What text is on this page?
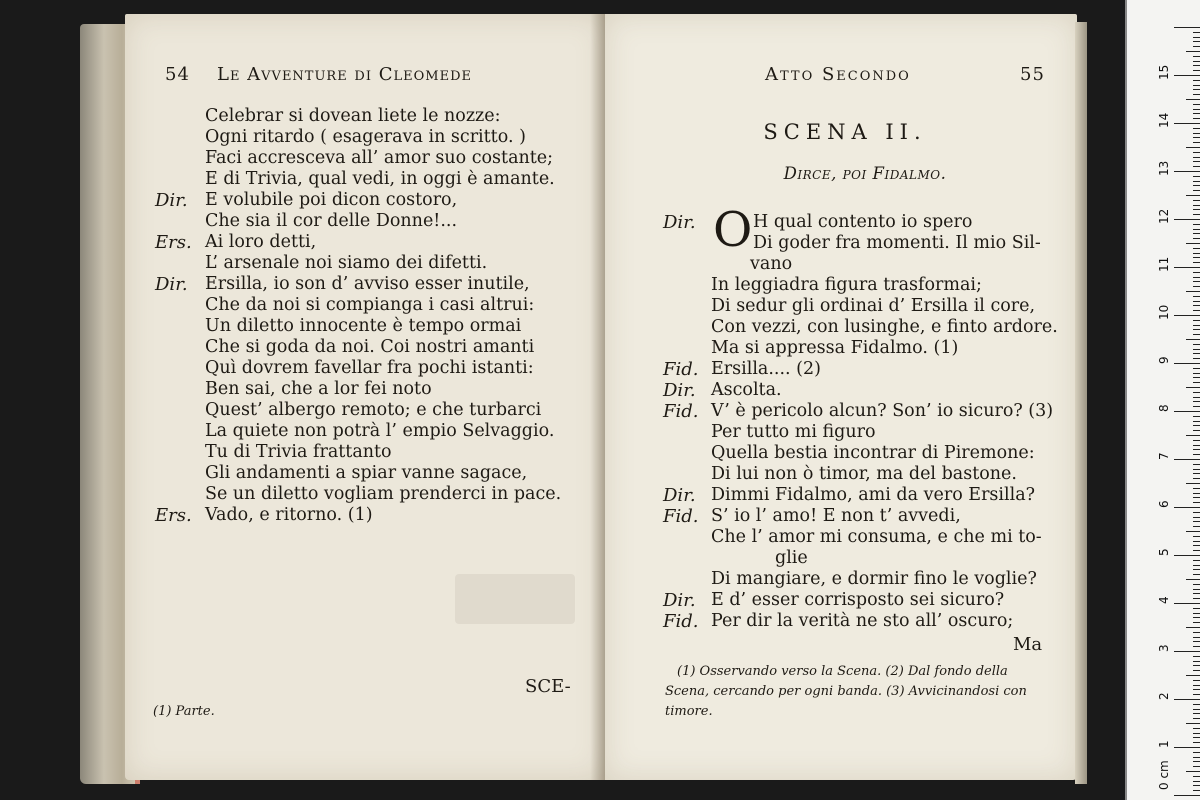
54 Le Avventure di Cleomede
Celebrar si dovean liete le nozze:
Ogni ritardo ( esagerava in scritto. )
Faci accresceva all’ amor suo costante;
E di Trivia, qual vedi, in oggi è amante.
Dir. E volubile poi dicon costoro,
Che sia il cor delle Donne!...
Ers. Ai loro detti,
L’ arsenale noi siamo dei difetti.
Dir. Ersilla, io son d’ avviso esser inutile,
Che da noi si compianga i casi altrui:
Un diletto innocente è tempo ormai
Che si goda da noi. Coi nostri amanti
Quì dovrem favellar fra pochi istanti:
Ben sai, che a lor fei noto
Quest’ albergo remoto; e che turbarci
La quiete non potrà l’ empio Selvaggio.
Tu di Trivia frattanto
Gli andamenti a spiar vanne sagace,
Se un diletto vogliam prenderci in pace.
Ers. Vado, e ritorno. (1)
SCE-
(1) Parte.
Atto Secondo	55
SCENA II.
Dirce, poi Fidalmo.
Dir. O H qual contento io spero
Di goder fra momenti. Il mio Sil-
vano
In leggiadra figura trasformai;
Di sedur gli ordinai d’ Ersilla il core,
Con vezzi, con lusinghe, e finto ardore.
Ma si appressa Fidalmo. (1)
Fid. Ersilla.... (2)
Dir. Ascolta.
Fid. V’ è pericolo alcun? Son’ io sicuro? (3)
Per tutto mi figuro
Quella bestia incontrar di Piremone:
Di lui non ò timor, ma del bastone.
Dir. Dimmi Fidalmo, ami da vero Ersilla?
Fid. S’ io l’ amo! E non t’ avvedi,
Che l’ amor mi consuma, e che mi to-
glie
Di mangiare, e dormir fino le voglie?
Dir. E d’ esser corrisposto sei sicuro?
Fid. Per dir la verità ne sto all’ oscuro;
Ma
(1) Osservando verso la Scena. (2) Dal fondo della
Scena, cercando per ogni banda. (3) Avvicinandosi con
timore.
0 cm
1
2
3
4
5
6
7
8
9
10
11
12
13
14
15
